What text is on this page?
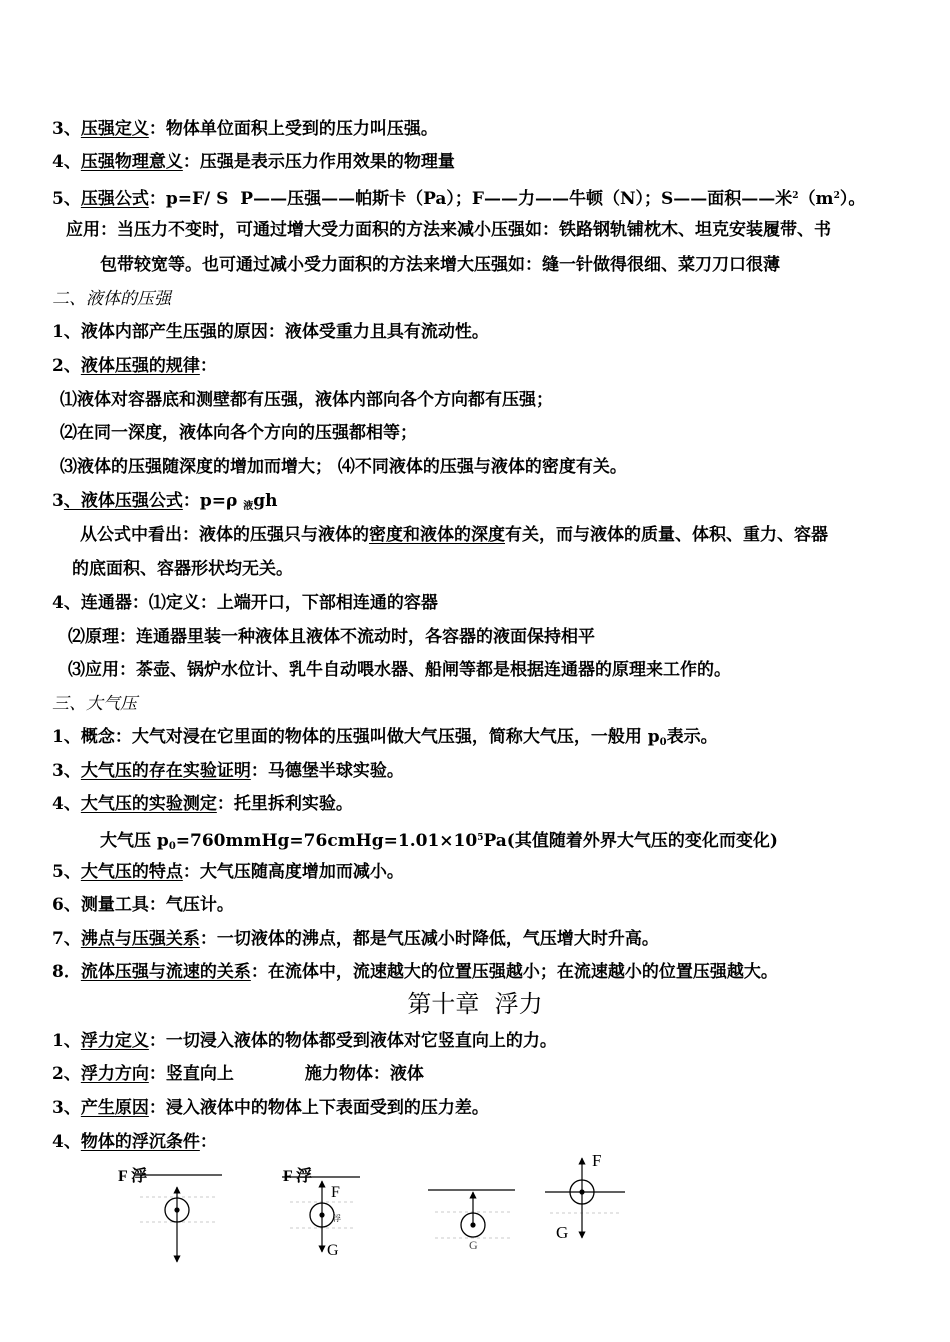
3、压强定义：物体单位面积上受到的压力叫压强。
4、压强物理意义：压强是表示压力作用效果的物理量
5、压强公式：p=F/ S  P——压强——帕斯卡（Pa）；F——力——牛顿（N）；S——面积——米$^2(m^2)$。
应用：当压力不变时，可通过增大受力面积的方法来减小压强如：铁路钢轨铺枕木、坦克安装履带、书
包带较宽等。也可通过减小受力面积的方法来增大压强如：缝一针做得很细、菜刀刀口很薄
二、液体的压强
1、液体内部产生压强的原因：液体受重力且具有流动性。
2、液体压强的规律：
⑴液体对容器底和测壁都有压强，液体内部向各个方向都有压强；
⑵在同一深度，液体向各个方向的压强都相等；
⑶液体的压强随深度的增加而增大； ⑷不同液体的压强与液体的密度有关。
3、液体压强公式：p=ρ $_液$gh
从公式中看出：液体的压强只与液体的密度和液体的深度有关，而与液体的质量、体积、重力、容器
的底面积、容器形状均无关。
4、连通器：⑴定义：上端开口，下部相连通的容器
⑵原理：连通器里装一种液体且液体不流动时，各容器的液面保持相平
⑶应用：茶壶、锅炉水位计、乳牛自动喂水器、船闸等都是根据连通器的原理来工作的。
三、大气压
1、概念：大气对浸在它里面的物体的压强叫做大气压强，简称大气压，一般用 $p_0$表示。
3、大气压的存在实验证明：马德堡半球实验。
4、大气压的实验测定：托里拆利实验。
大气压 $p_0=760mmHg=76cmHg=1.01\times 10^5Pa$(其值随着外界大气压的变化而变化)
5、大气压的特点：大气压随高度增加而减小。
6、测量工具：气压计。
7、沸点与压强关系：一切液体的沸点，都是气压减小时降低，气压增大时升高。
8．流体压强与流速的关系：在流体中，流速越大的位置压强越小；在流速越小的位置压强越大。
1、浮力定义：一切浸入液体的物体都受到液体对它竖直向上的力。
2、浮力方向：竖直向上            施力物体：液体
3、产生原因：浸入液体中的物体上下表面受到的压力差。
4、物体的浮沉条件：
第十章  浮力
F 浮	F 浮
F
浮
G	G
F
G
